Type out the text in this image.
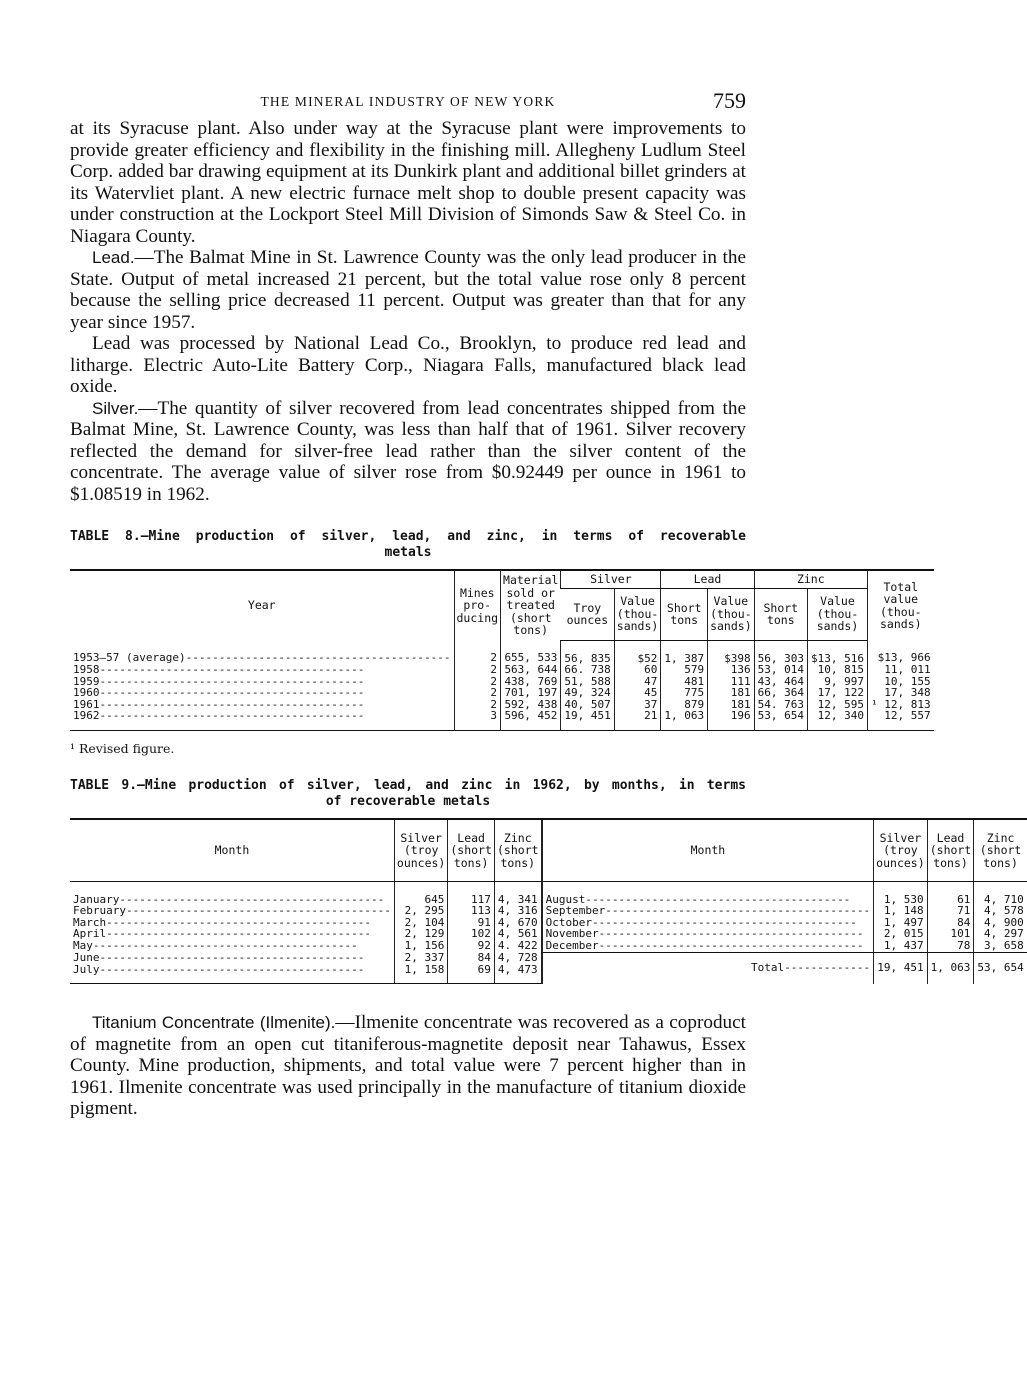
THE MINERAL INDUSTRY OF NEW YORK	759

at its Syracuse plant. Also under way at the Syracuse plant were improvements to provide greater efficiency and flexibility in the finishing mill. Allegheny Ludlum Steel Corp. added bar drawing equipment at its Dunkirk plant and additional billet grinders at its Watervliet plant. A new electric furnace melt shop to double present capacity was under construction at the Lockport Steel Mill Division of Simonds Saw & Steel Co. in Niagara County.

Lead.—The Balmat Mine in St. Lawrence County was the only lead producer in the State. Output of metal increased 21 percent, but the total value rose only 8 percent because the selling price decreased 11 percent. Output was greater than that for any year since 1957.

Lead was processed by National Lead Co., Brooklyn, to produce red lead and litharge. Electric Auto-Lite Battery Corp., Niagara Falls, manufactured black lead oxide.

Silver.—The quantity of silver recovered from lead concentrates shipped from the Balmat Mine, St. Lawrence County, was less than half that of 1961. Silver recovery reflected the demand for silver-free lead rather than the silver content of the concentrate. The average value of silver rose from $0.92449 per ounce in 1961 to $1.08519 in 1962.

TABLE 8.—Mine production of silver, lead, and zinc, in terms of recoverable
metals
Year	Mines pro- ducing	Material sold or treated (short tons)	Silver		Lead		Zinc		Total value (thou- sands)
			Troy ounces	Value (thou- sands)	Short tons	Value (thou- sands)	Short tons	Value (thou- sands)	
1953–57 (average)----------------------------------------	2	655, 533	56, 835	$52	1, 387	$398	56, 303	$13, 516	$13, 966
1958----------------------------------------	2	563, 644	66. 738	60	579	136	53, 014	10, 815	11, 011
1959----------------------------------------	2	438, 769	51, 588	47	481	111	43, 464	9, 997	10, 155
1960----------------------------------------	2	701, 197	49, 324	45	775	181	66, 364	17, 122	17, 348
1961----------------------------------------	2	592, 438	40, 507	37	879	181	54. 763	12, 595	¹ 12, 813
1962----------------------------------------	3	596, 452	19, 451	21	1, 063	196	53, 654	12, 340	12, 557
¹ Revised figure.
TABLE 9.—Mine production of silver, lead, and zinc in 1962, by months, in terms
of recoverable metals
Month	Silver (troy ounces)	Lead (short tons)	Zinc (short tons)	Month	Silver (troy ounces)	Lead (short tons)	Zinc (short tons)
January----------------------------------------	645	117	4, 341	August----------------------------------------	1, 530	61	4, 710
February----------------------------------------	2, 295	113	4, 316	September----------------------------------------	1, 148	71	4, 578
March----------------------------------------	2, 104	91	4, 670	October----------------------------------------	1, 497	84	4, 900
April----------------------------------------	2, 129	102	4, 561	November----------------------------------------	2, 015	101	4, 297
May----------------------------------------	1, 156	92	4. 422	December----------------------------------------	1, 437	78	3, 658
June----------------------------------------	2, 337	84	4, 728	Total-------------	19, 451	1, 063	53, 654
July----------------------------------------	1, 158	69	4, 473				

Titanium Concentrate (Ilmenite).—Ilmenite concentrate was recovered as a coproduct of magnetite from an open cut titaniferous-magnetite deposit near Tahawus, Essex County. Mine production, shipments, and total value were 7 percent higher than in 1961. Ilmenite concentrate was used principally in the manufacture of titanium dioxide pigment.
